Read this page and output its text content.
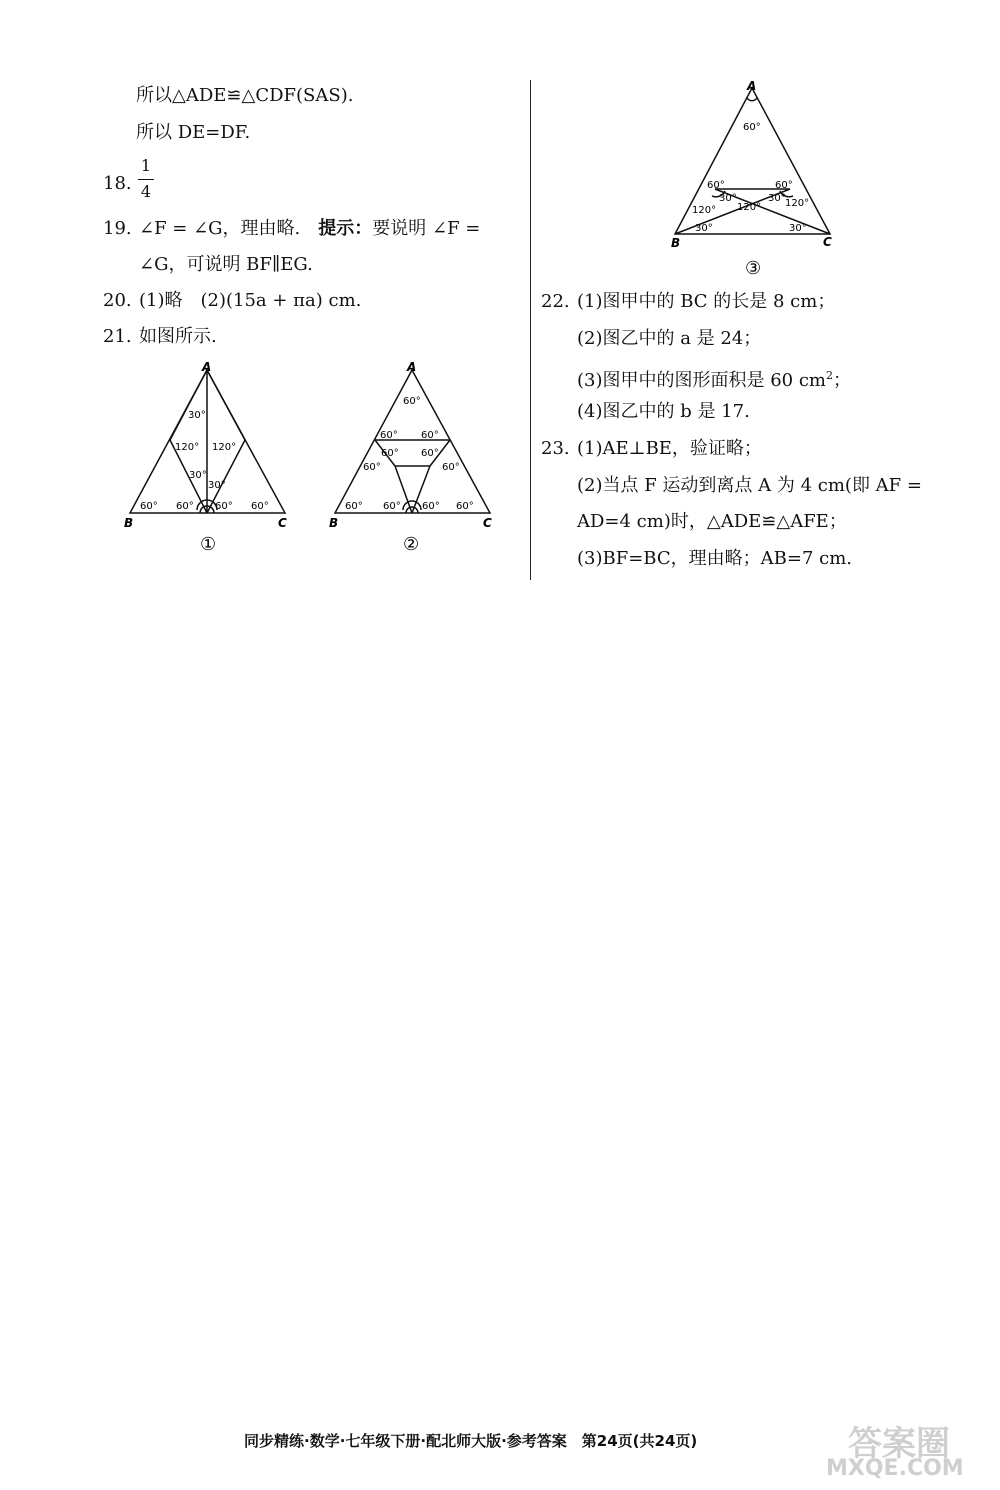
所以△ADE≌△CDF(SAS).
所以 DE=DF.
18.
1
4
19. ∠F = ∠G，理由略. 提示：要说明 ∠F =
∠G，可说明 BF∥EG.
20. (1)略　(2)(15a + πa) cm.
21. 如图所示.
A
B	C
30°
120° 120°
30°
30°
60° 60° 60° 60°
①
A
B	C
60°
60° 60°
60° 60°
60°	60°
60° 60° 60° 60°
②
A
B	C
60°
60°	60°
30°	30°
120° 120° 120°
30°	30°
③
22. (1)图甲中的 BC 的长是 8 cm；
(2)图乙中的 a 是 24；
(3)图甲中的图形面积是 60 $cm^2$；
(4)图乙中的 b 是 17.
23. (1)AE⊥BE，验证略；
(2)当点 F 运动到离点 A 为 4 cm(即 AF =
AD=4 cm)时，△ADE≌△AFE；
(3)BF=BC，理由略；AB=7 cm.
同步精练·数学·七年级下册·配北师大版·参考答案　第24页(共24页)	答案圈
MXQE.COM
